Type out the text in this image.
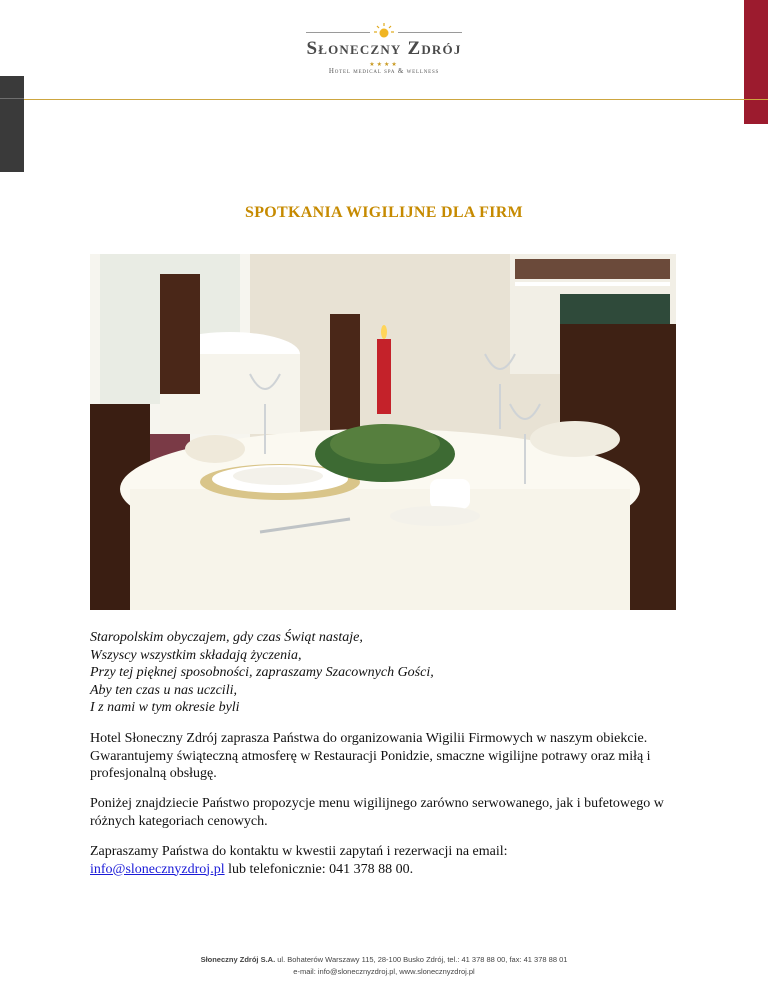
Słoneczny Zdrój
★★★★
Hotel medical spa & wellness
SPOTKANIA WIGILIJNE DLA FIRM
Staropolskim obyczajem, gdy czas Świąt nastaje,
Wszyscy wszystkim składają życzenia,
Przy tej pięknej sposobności, zapraszamy Szacownych Gości,
Aby ten czas u nas uczcili,
I z nami w tym okresie byli
Hotel Słoneczny Zdrój zaprasza Państwa do organizowania Wigilii Firmowych w naszym obiekcie. Gwarantujemy świąteczną atmosferę w Restauracji Ponidzie, smaczne wigilijne potrawy oraz miłą i profesjonalną obsługę.
Poniżej znajdziecie Państwo propozycje menu wigilijnego zarówno serwowanego, jak i bufetowego w różnych kategoriach cenowych.
Zapraszamy Państwa do kontaktu w kwestii zapytań i rezerwacji na email:
info@slonecznyzdroj.pl lub telefonicznie: 041 378 88 00.
Słoneczny Zdrój S.A. ul. Bohaterów Warszawy 115, 28-100 Busko Zdrój, tel.: 41 378 88 00, fax: 41 378 88 01
e-mail: info@slonecznyzdroj.pl, www.slonecznyzdroj.pl
